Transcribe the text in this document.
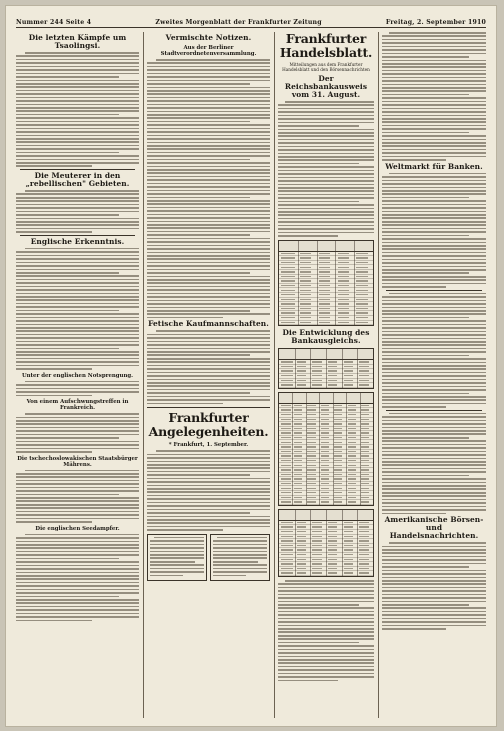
Nummer 244 Seite 4	Zweites Morgenblatt der Frankfurter Zeitung	Freitag, 2. September 1910
Die letzten Kämpfe um Tsaolingsi.
Die Meuterer in den „rebellischen" Gebieten.
Englische Erkenntnis.
Unter der englischen Notsprengung.
Von einem Aufschwungstreffen in Frankreich.
Die tschechoslowakischen Staatsbürger Mährens.
Die englischen Seedampfer.
Vermischte Notizen.
Aus der Berliner Stadtverordnetenversammlung.
Fetische Kaufmannschaften.
Frankfurter Angelegenheiten.
* Frankfurt, 1. September.
Frankfurter Handelsblatt.
Mitteilungen aus dem Frankfurter Handelsblatt und den Börsennachrichten
Der Reichsbankausweis vom 31. August.
Die Entwicklung des Bankausgleichs.
Weltmarkt für Banken.
Amerikanische Börsen- und Handelsnachrichten.
